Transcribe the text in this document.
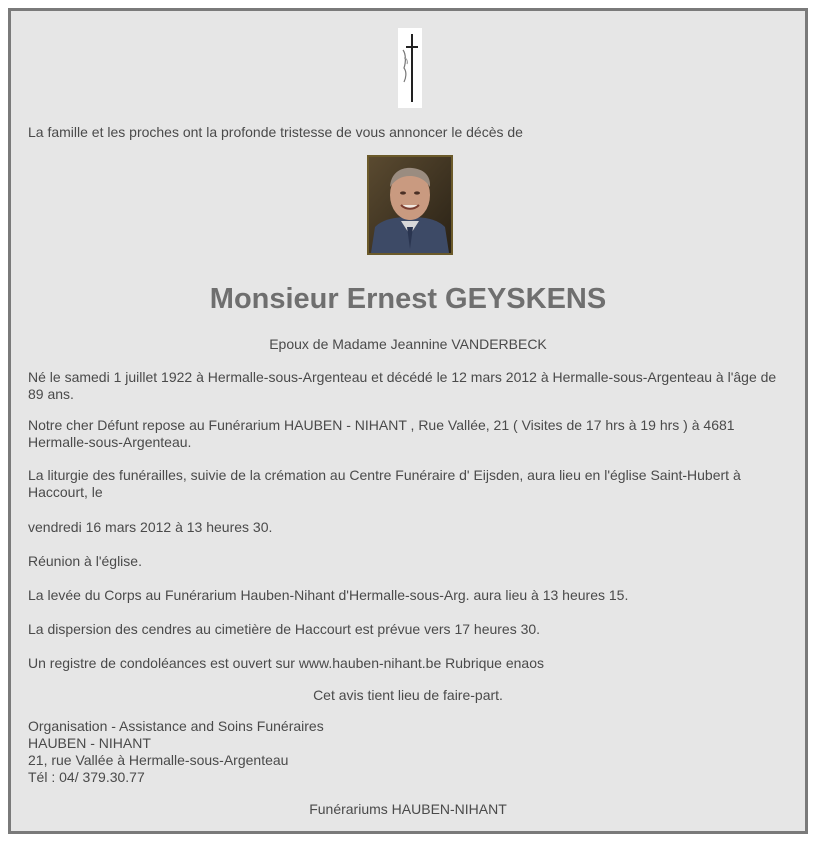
La famille et les proches ont la profonde tristesse de vous annoncer le décès de
Monsieur Ernest GEYSKENS
Epoux de Madame Jeannine VANDERBECK
Né le samedi 1 juillet 1922 à Hermalle-sous-Argenteau et décédé le 12 mars 2012 à Hermalle-sous-Argenteau à l'âge de 89 ans.
Notre cher Défunt repose au Funérarium HAUBEN - NIHANT , Rue Vallée, 21 ( Visites de 17 hrs à 19 hrs ) à 4681 Hermalle-sous-Argenteau.
La liturgie des funérailles, suivie de la crémation au Centre Funéraire d' Eijsden, aura lieu en l'église Saint-Hubert à Haccourt, le
vendredi 16 mars 2012 à 13 heures 30.
Réunion à l'église.
La levée du Corps au Funérarium Hauben-Nihant d'Hermalle-sous-Arg. aura lieu à 13 heures 15.
La dispersion des cendres au cimetière de Haccourt est prévue vers 17 heures 30.
Un registre de condoléances est ouvert sur www.hauben-nihant.be Rubrique enaos
Cet avis tient lieu de faire-part.
Organisation - Assistance and Soins Funéraires
HAUBEN - NIHANT
21, rue Vallée à Hermalle-sous-Argenteau
Tél : 04/ 379.30.77
Funérariums HAUBEN-NIHANT
